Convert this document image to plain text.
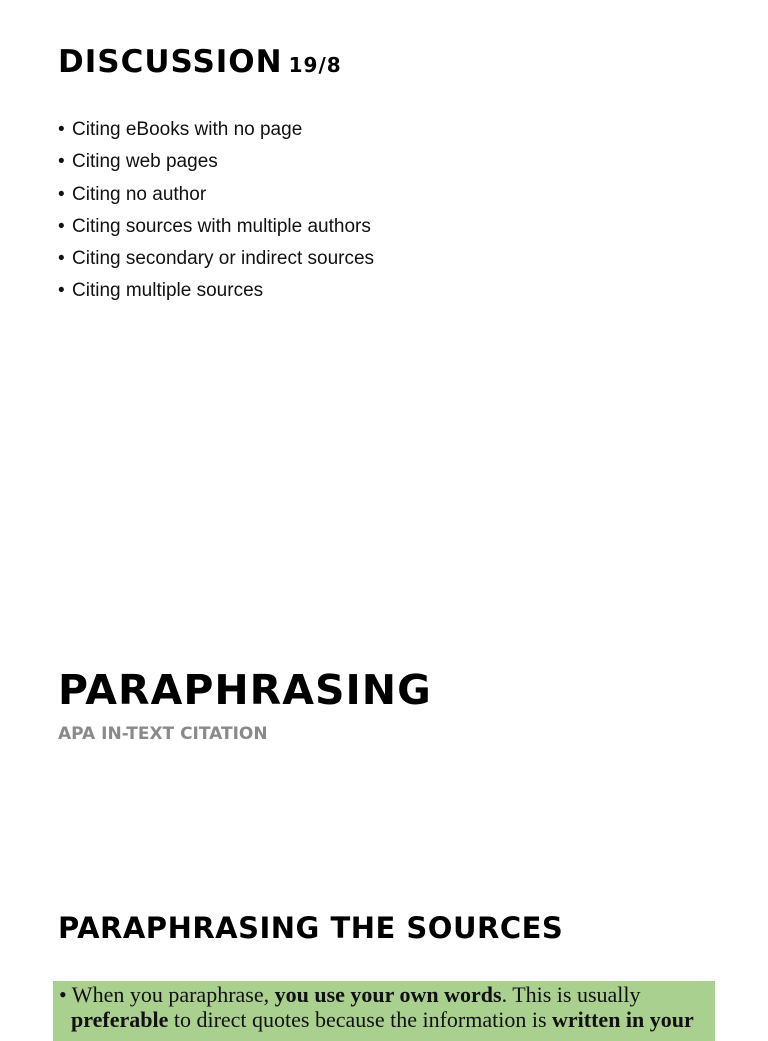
DISCUSSION 19/8
• Citing eBooks with no page
• Citing web pages
• Citing no author
• Citing sources with multiple authors
• Citing secondary or indirect sources
• Citing multiple sources
PARAPHRASING
APA IN-TEXT CITATION
PARAPHRASING THE SOURCES

• When you paraphrase, you use your own words. This is usually

preferable to direct quotes because the information is written in your
